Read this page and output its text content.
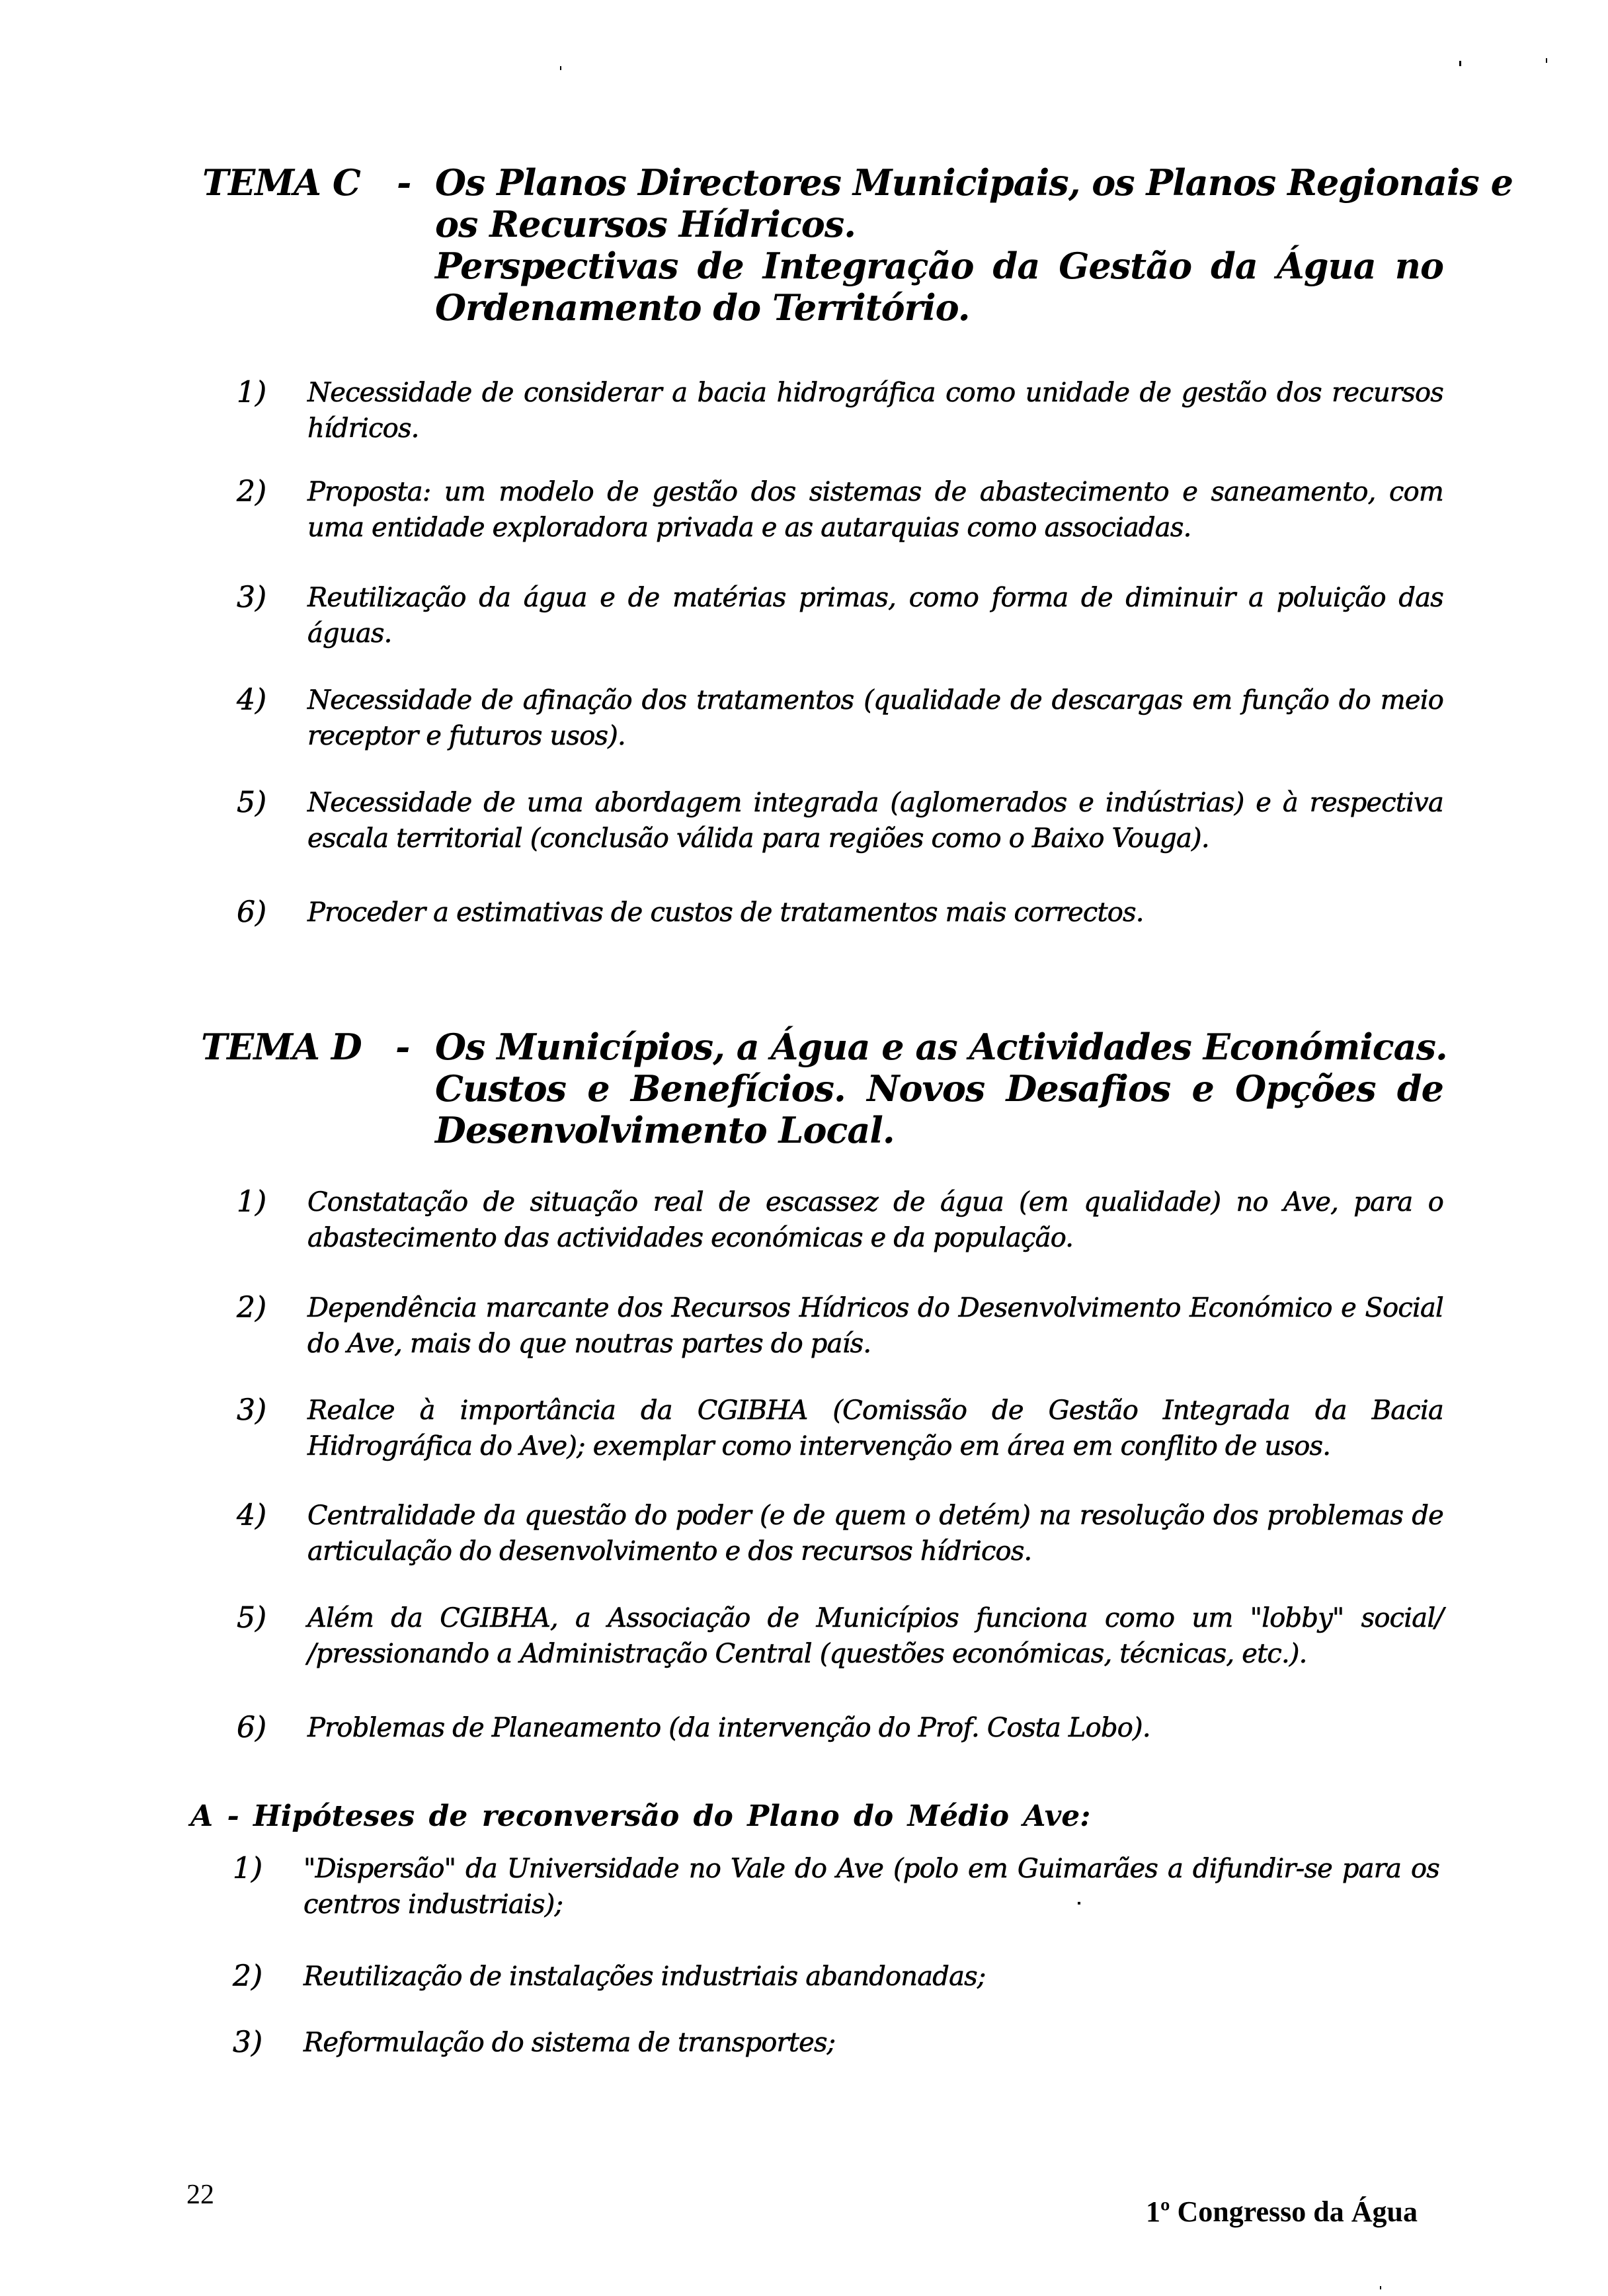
TEMA C - Os Planos Directores Municipais, os Planos Regionais e
os Recursos Hídricos.
Perspectivas de Integração da Gestão da Água no
Ordenamento do Território.
1) Necessidade de considerar a bacia hidrográfica como unidade de gestão dos recursos hídricos.
2) Proposta: um modelo de gestão dos sistemas de abastecimento e saneamento, com uma entidade exploradora privada e as autarquias como associadas.
3) Reutilização da água e de matérias primas, como forma de diminuir a poluição das águas.
4) Necessidade de afinação dos tratamentos (qualidade de descargas em função do meio receptor e futuros usos).
5) Necessidade de uma abordagem integrada (aglomerados e indústrias) e à respectiva escala territorial (conclusão válida para regiões como o Baixo Vouga).
6) Proceder a estimativas de custos de tratamentos mais correctos.
TEMA D - Os Municípios, a Água e as Actividades Económicas.
Custos e Benefícios. Novos Desafios e Opções de
Desenvolvimento Local.
1) Constatação de situação real de escassez de água (em qualidade) no Ave, para o abastecimento das actividades económicas e da população.
2) Dependência marcante dos Recursos Hídricos do Desenvolvimento Económico e Social do Ave, mais do que noutras partes do país.
3) Realce à importância da CGIBHA (Comissão de Gestão Integrada da Bacia Hidrográfica do Ave); exemplar como intervenção em área em conflito de usos.
4) Centralidade da questão do poder (e de quem o detém) na resolução dos problemas de articulação do desenvolvimento e dos recursos hídricos.
5) Além da CGIBHA, a Associação de Municípios funciona como um "lobby" social/ /pressionando a Administração Central (questões económicas, técnicas, etc.).
6) Problemas de Planeamento (da intervenção do Prof. Costa Lobo).
A - Hipóteses de reconversão do Plano do Médio Ave:
1) "Dispersão" da Universidade no Vale do Ave (polo em Guimarães a difundir-se para os centros industriais);
2) Reutilização de instalações industriais abandonadas;
3) Reformulação do sistema de transportes;
22
1º Congresso da Água
